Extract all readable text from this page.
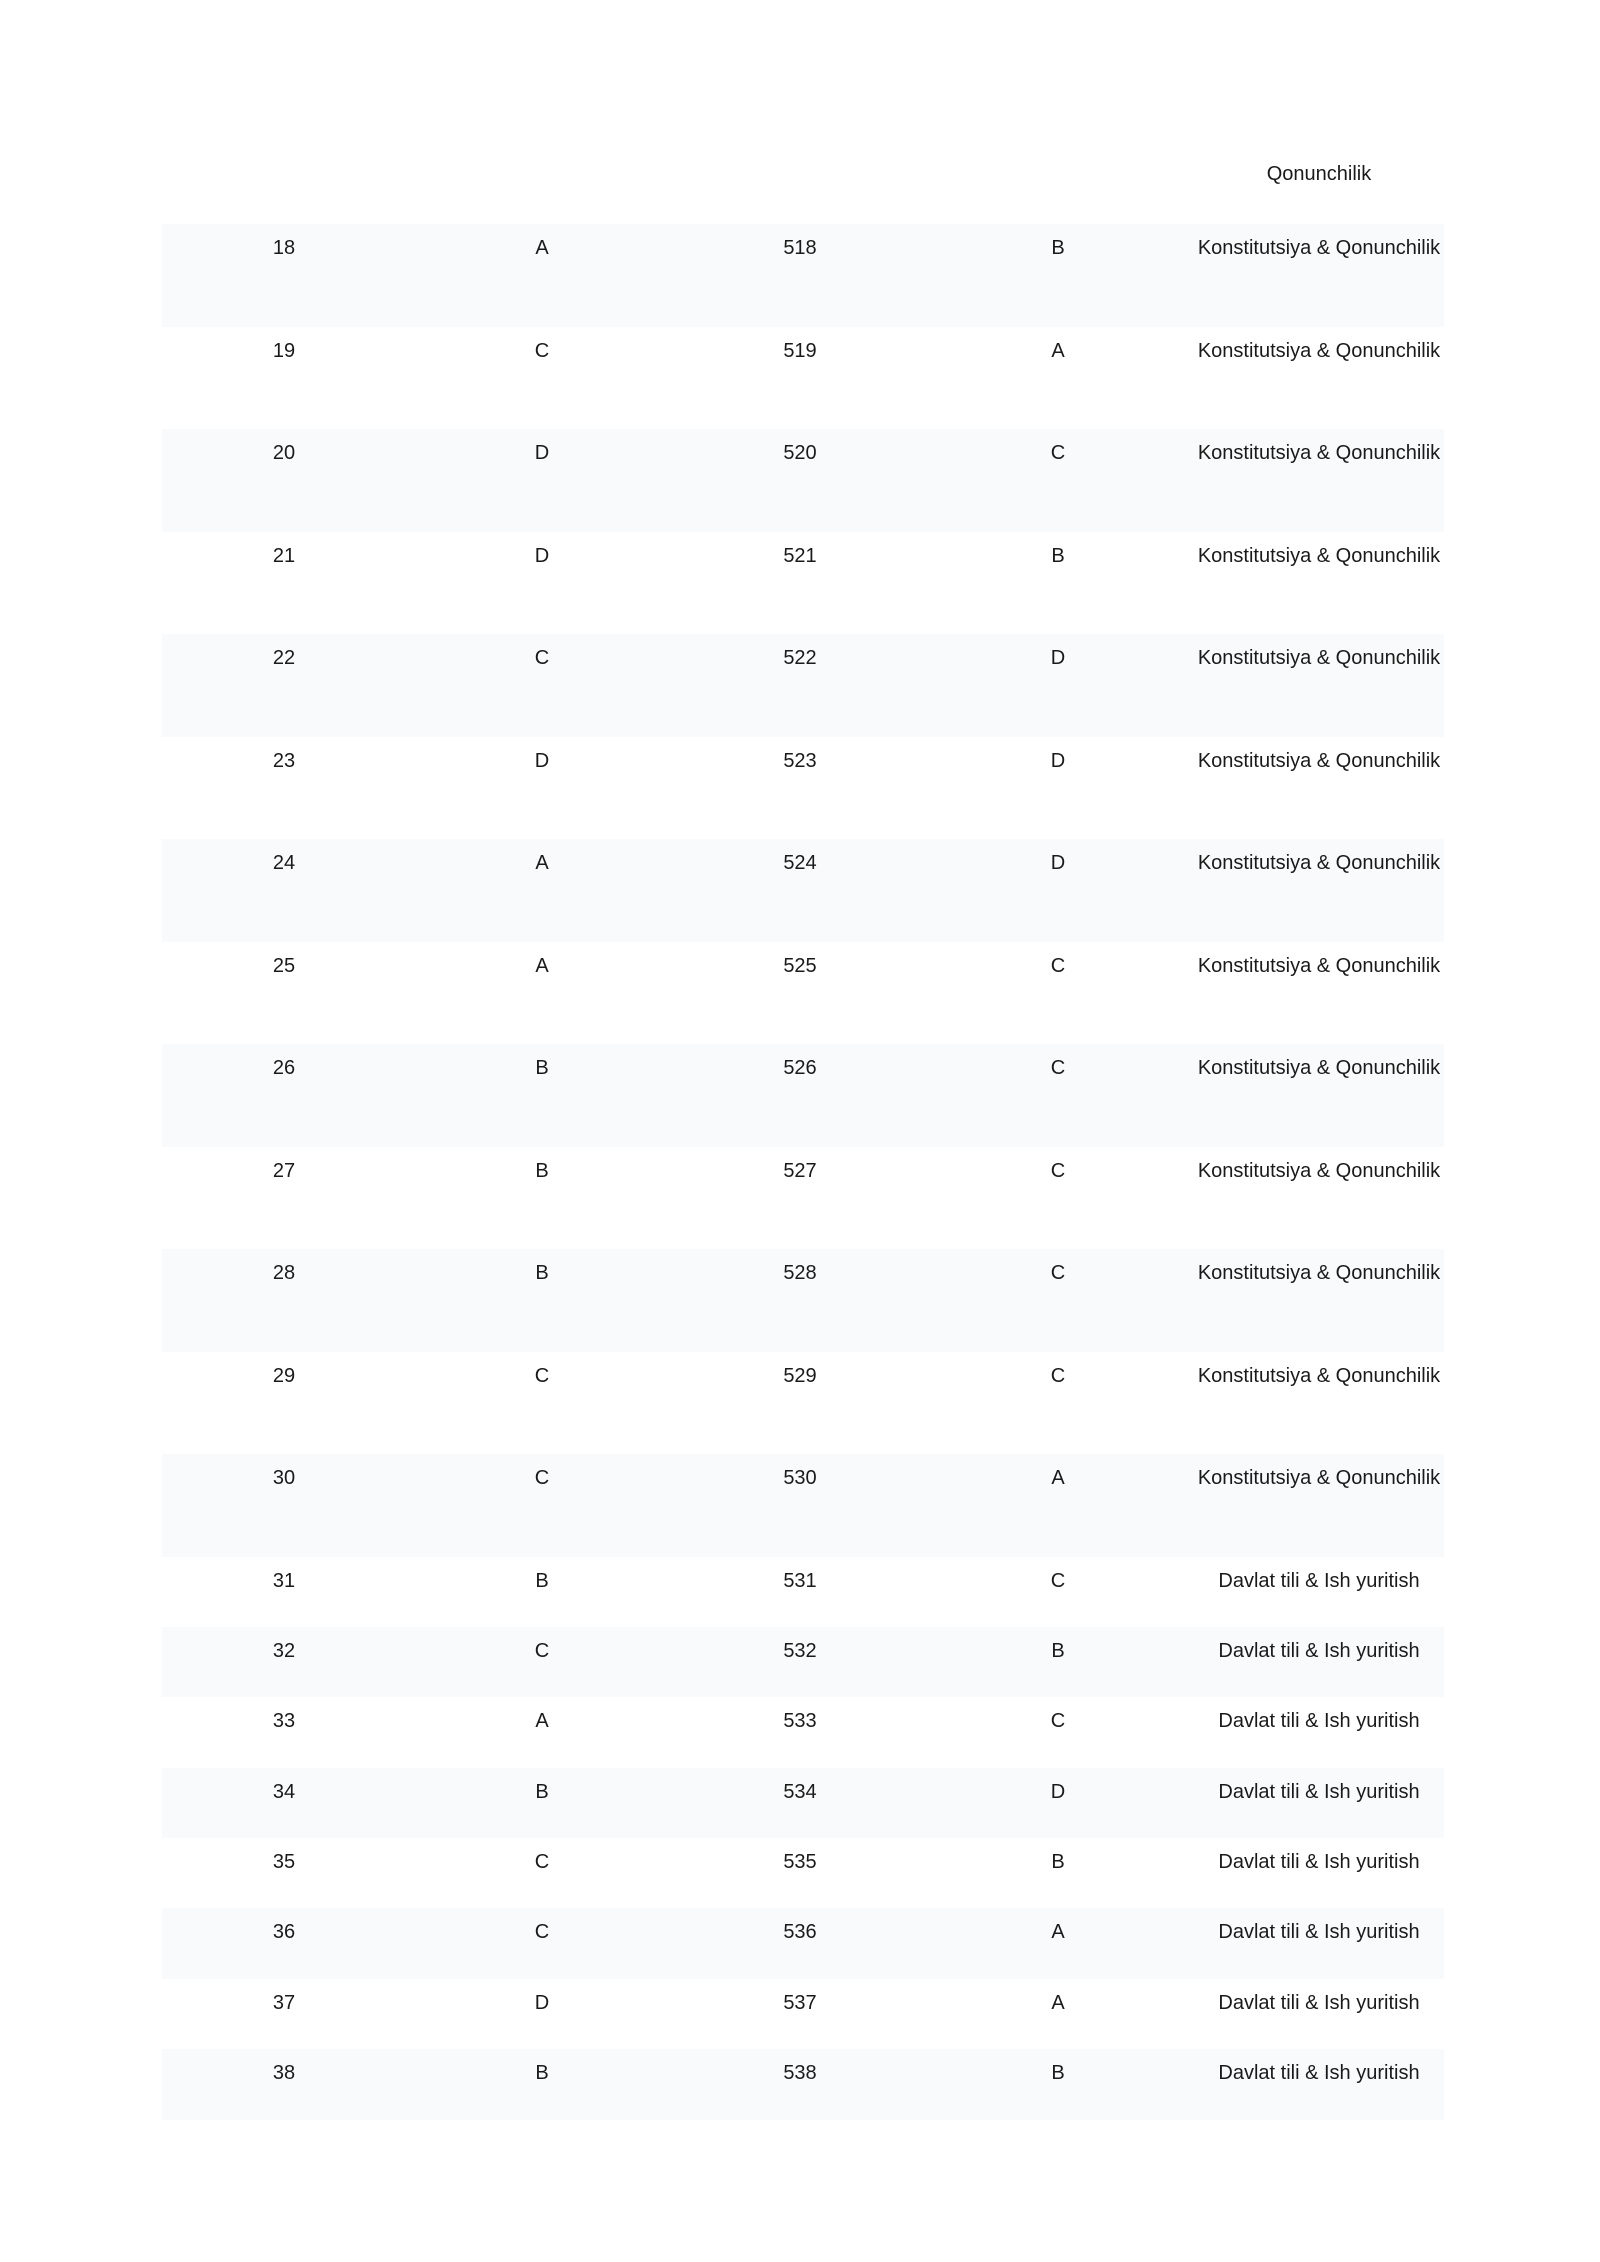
Qonunchilik
18	A	518	B	Konstitutsiya & Qonunchilik
19	C	519	A	Konstitutsiya & Qonunchilik
20	D	520	C	Konstitutsiya & Qonunchilik
21	D	521	B	Konstitutsiya & Qonunchilik
22	C	522	D	Konstitutsiya & Qonunchilik
23	D	523	D	Konstitutsiya & Qonunchilik
24	A	524	D	Konstitutsiya & Qonunchilik
25	A	525	C	Konstitutsiya & Qonunchilik
26	B	526	C	Konstitutsiya & Qonunchilik
27	B	527	C	Konstitutsiya & Qonunchilik
28	B	528	C	Konstitutsiya & Qonunchilik
29	C	529	C	Konstitutsiya & Qonunchilik
30	C	530	A	Konstitutsiya & Qonunchilik
31	B	531	C	Davlat tili & Ish yuritish
32	C	532	B	Davlat tili & Ish yuritish
33	A	533	C	Davlat tili & Ish yuritish
34	B	534	D	Davlat tili & Ish yuritish
35	C	535	B	Davlat tili & Ish yuritish
36	C	536	A	Davlat tili & Ish yuritish
37	D	537	A	Davlat tili & Ish yuritish
38	B	538	B	Davlat tili & Ish yuritish
